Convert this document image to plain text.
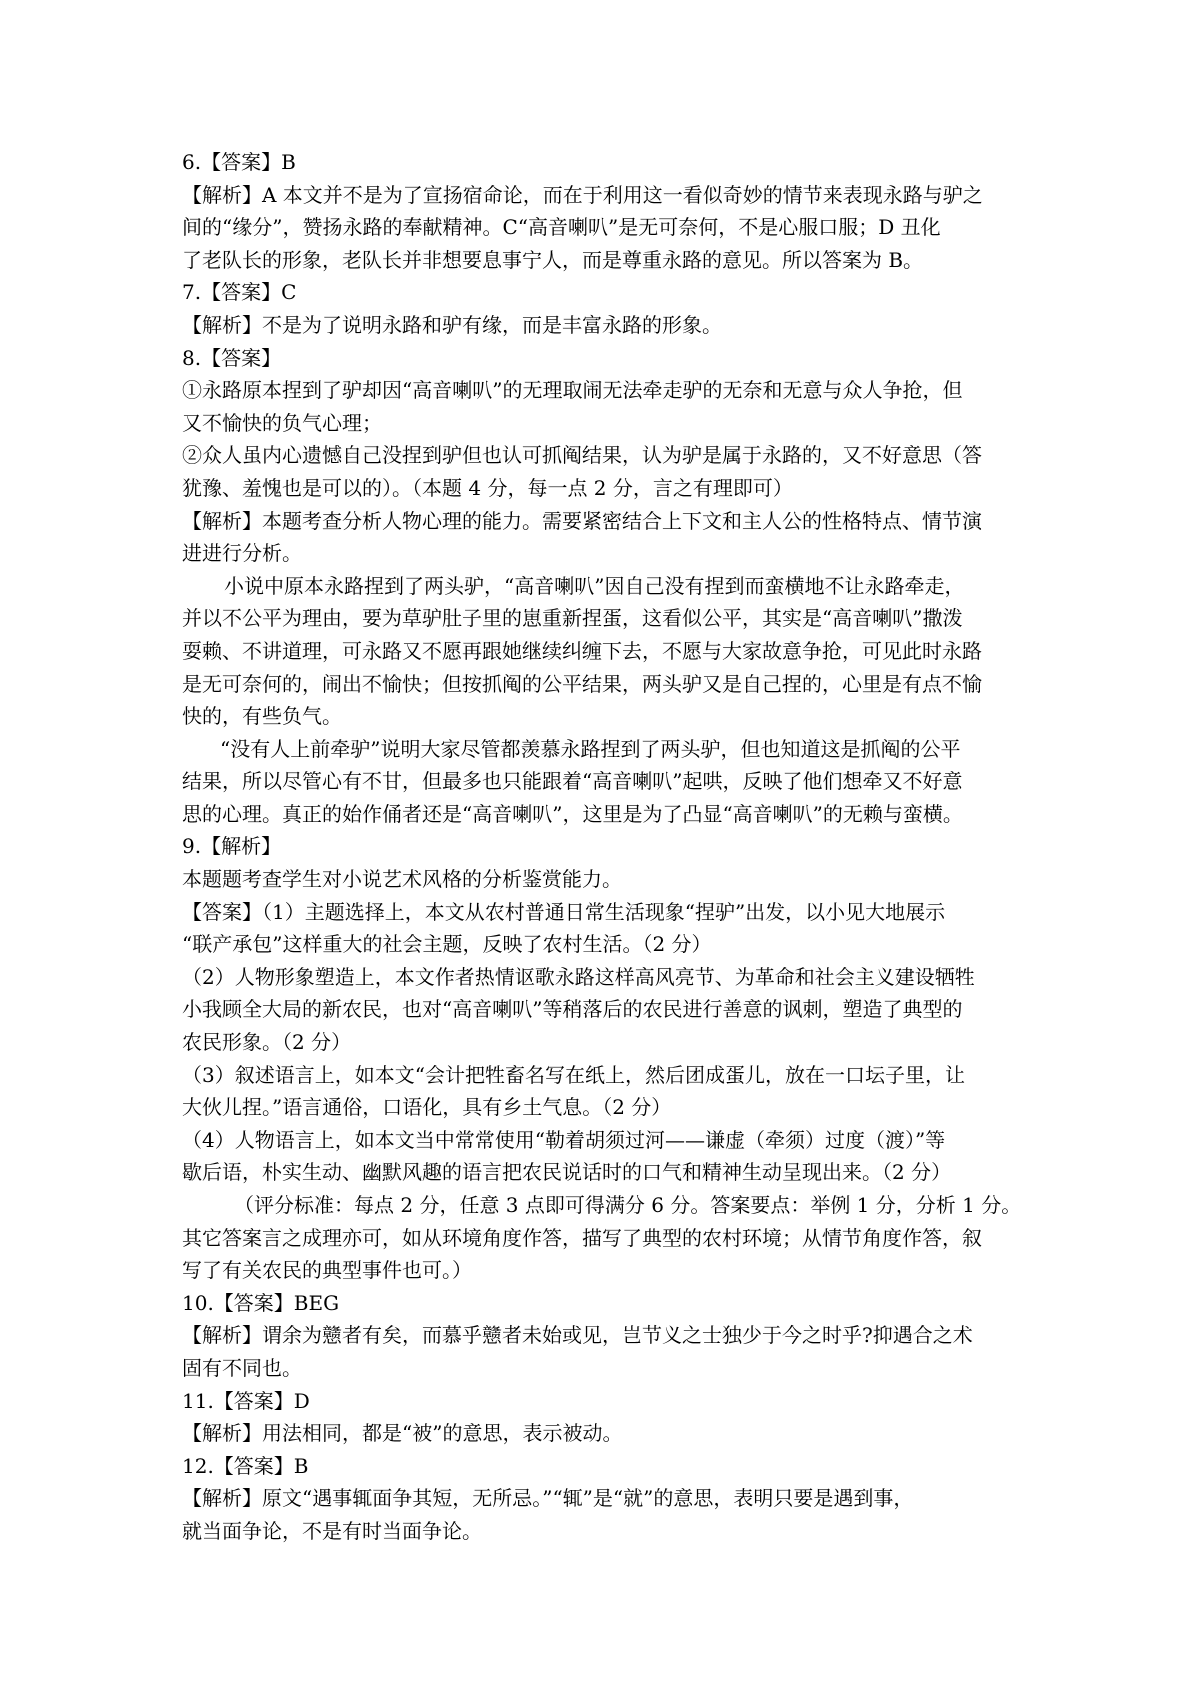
6.【答案】B
【解析】A 本文并不是为了宣扬宿命论，而在于利用这一看似奇妙的情节来表现永路与驴之
间的“缘分”，赞扬永路的奉献精神。C“高音喇叭”是无可奈何，不是心服口服；D 丑化
了老队长的形象，老队长并非想要息事宁人，而是尊重永路的意见。所以答案为 B。
7.【答案】C
【解析】不是为了说明永路和驴有缘，而是丰富永路的形象。
8.【答案】
①永路原本捏到了驴却因“高音喇叭”的无理取闹无法牵走驴的无奈和无意与众人争抢，但
又不愉快的负气心理；
②众人虽内心遗憾自己没捏到驴但也认可抓阄结果，认为驴是属于永路的，又不好意思（答
犹豫、羞愧也是可以的）。（本题 4 分，每一点 2 分，言之有理即可）
【解析】本题考查分析人物心理的能力。需要紧密结合上下文和主人公的性格特点、情节演
进进行分析。
小说中原本永路捏到了两头驴，“高音喇叭”因自己没有捏到而蛮横地不让永路牵走，
并以不公平为理由，要为草驴肚子里的崽重新捏蛋，这看似公平，其实是“高音喇叭”撒泼
耍赖、不讲道理，可永路又不愿再跟她继续纠缠下去，不愿与大家故意争抢，可见此时永路
是无可奈何的，闹出不愉快；但按抓阄的公平结果，两头驴又是自己捏的，心里是有点不愉
快的，有些负气。
“没有人上前牵驴”说明大家尽管都羡慕永路捏到了两头驴，但也知道这是抓阄的公平
结果，所以尽管心有不甘，但最多也只能跟着“高音喇叭”起哄，反映了他们想牵又不好意
思的心理。真正的始作俑者还是“高音喇叭”，这里是为了凸显“高音喇叭”的无赖与蛮横。
9.【解析】
本题题考查学生对小说艺术风格的分析鉴赏能力。
【答案】（1）主题选择上，本文从农村普通日常生活现象“捏驴”出发，以小见大地展示
“联产承包”这样重大的社会主题，反映了农村生活。（2 分）
（2）人物形象塑造上，本文作者热情讴歌永路这样高风亮节、为革命和社会主义建设牺牲
小我顾全大局的新农民，也对“高音喇叭”等稍落后的农民进行善意的讽刺，塑造了典型的
农民形象。（2 分）
（3）叙述语言上，如本文“会计把牲畜名写在纸上，然后团成蛋儿，放在一口坛子里，让
大伙儿捏。”语言通俗，口语化，具有乡土气息。（2 分）
（4）人物语言上，如本文当中常常使用“勒着胡须过河——谦虚（牵须）过度（渡）”等
歇后语，朴实生动、幽默风趣的语言把农民说话时的口气和精神生动呈现出来。（2 分）
（评分标准：每点 2 分，任意 3 点即可得满分 6 分。答案要点：举例 1 分，分析 1 分。
其它答案言之成理亦可，如从环境角度作答，描写了典型的农村环境；从情节角度作答，叙
写了有关农民的典型事件也可。）
10.【答案】BEG
【解析】谓余为戆者有矣，而慕乎戆者未始或见，岂节义之士独少于今之时乎?抑遇合之术
固有不同也。
11.【答案】D
【解析】用法相同，都是“被”的意思，表示被动。
12.【答案】B
【解析】原文“遇事辄面争其短，无所忌。”“辄”是“就”的意思，表明只要是遇到事，
就当面争论，不是有时当面争论。
